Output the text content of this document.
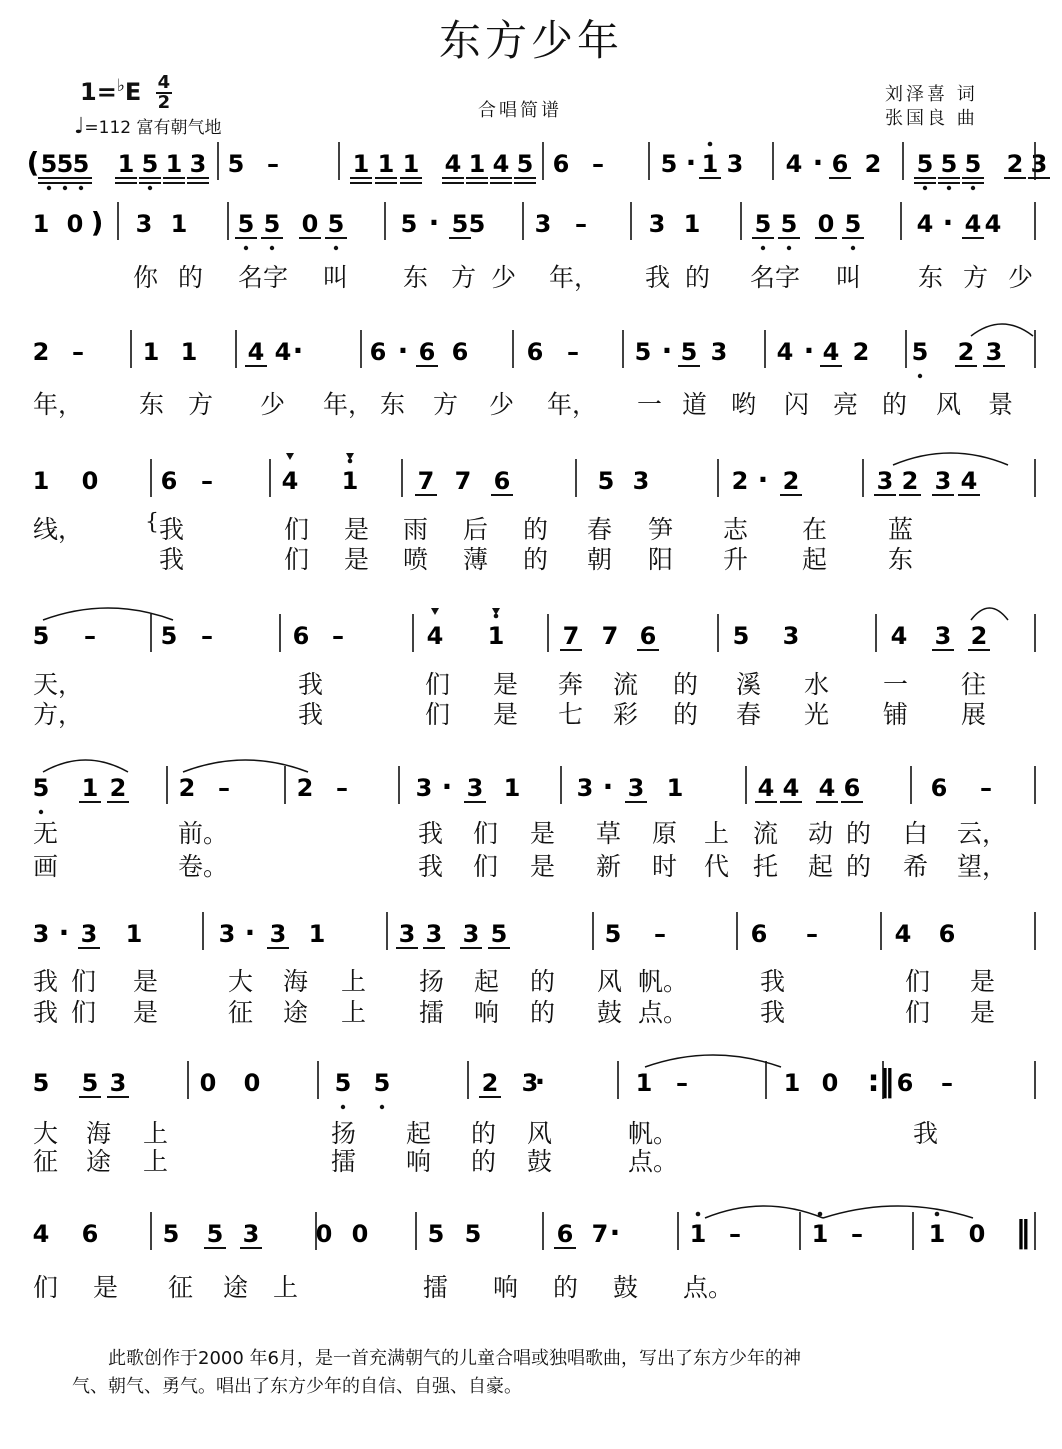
东方少年
$1=^♭E \frac{4}{2}$
♩=112 富有朝气地
合唱简谱
刘泽喜 词
张国良 曲
( 5 5 5 1 5 1 3 5 –	1 1 1 4 1 4 5 6 – 5 · 1 3 4 · 6 2 5 5 5 2 3
1 0 ) 3 1 5 5 0 5 5 · 5 5 3 –	3 1 5 5 0 5 4 · 4 4
你 的 名字 叫 东 方 少 年， 我 的 名字 叫 东 方 少
2 – 1 1 4 4 ·	6 · 6 6 6 – 5 · 5 3 4 · 4 2 5 2 3
年， 东 方 少 年， 东 方 少 年， 一 道 哟 闪 亮 的 风 景
1 0	6 –	4 1 7 7 6	5 3	2 · 2	3 2 3 4
线，	{ 我	们 是 雨 后 的 春 笋 志 在 蓝
我	们 是 喷 薄 的 朝 阳 升 起 东
5 –	5 –	6 –	4 1 7 7 6	5 3	4 3 2
天，	我	们 是 奔 流 的 溪 水 一 往
方，	我	们 是 七 彩 的 春 光 铺 展
5 1 2 2 –	2 –	3 · 3 1 3 · 3 1	4 4 4 6	6 –
无	前。	我 们 是 草 原 上 流 动 的 白 云，
画	卷。	我 们 是 新 时 代 托 起 的 希 望，
3 · 3 1	3 · 3 1	3 3 3 5	5 –	6 –	4 6
我 们 是	大 海 上 扬 起 的 风 帆。	我	们 是
我 们 是	征 途 上 擂 响 的 鼓 点。	我	们 是
5 5 3	0 0	5 5	2 3
·	1 –	1 0 :‖ 6 –
大 海 上	扬 起 的 风	帆。	我
征 途 上	擂 响 的 鼓	点。
4 6	5 5 3 0 0 5 5	6 7 ·	1 –	1 –	1 0 ‖
们 是 征 途 上	擂 响 的 鼓 点。

此歌创作于2000 年6月，是一首充满朝气的儿童合唱或独唱歌曲，写出了东方少年的神

气、朝气、勇气。唱出了东方少年的自信、自强、自豪。
